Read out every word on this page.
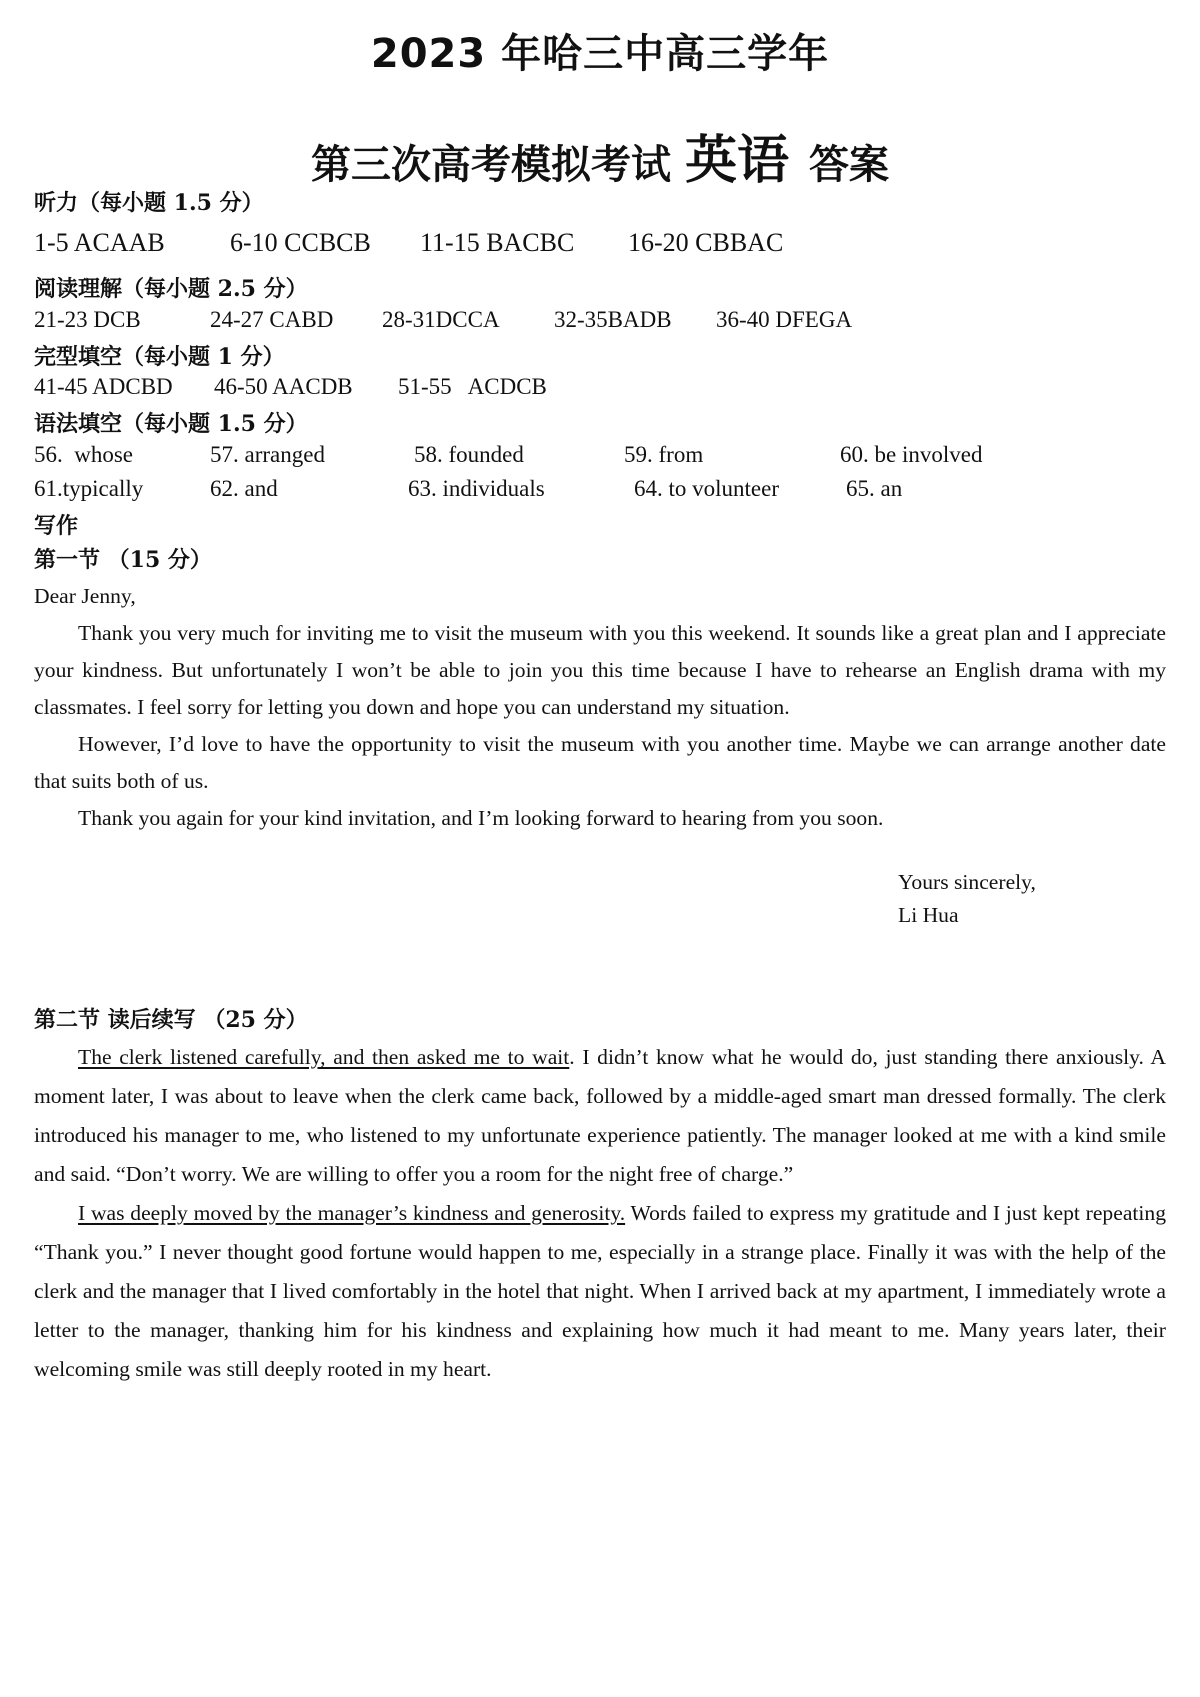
2023 年哈三中高三学年
第三次高考模拟考试 英语 答案
听力（每小题 1.5 分）
1-5 ACAAB	6-10 CCBCB 11-15 BACBC 16-20 CBBAC
阅读理解（每小题 2.5 分）
21-23 DCB	24-27 CABD 28-31DCCA 32-35BADB 36-40 DFEGA
完型填空（每小题 1 分）
41-45 ADCBD 46-50 AACDB 51-55   ACDCB
语法填空（每小题 1.5 分）
56.  whose	57. arranged	58. founded	59. from	60. be involved
61.typically	62. and	63. individuals	64. to volunteer	65. an
写作
第一节 （15 分）

Dear Jenny,

Thank you very much for inviting me to visit the museum with you this weekend. It sounds like a great plan and I appreciate your kindness. But unfortunately I won’t be able to join you this time because I have to rehearse an English drama with my classmates. I feel sorry for letting you down and hope you can understand my situation.

However, I’d love to have the opportunity to visit the museum with you another time. Maybe we can arrange another date that suits both of us.

Thank you again for your kind invitation, and I’m looking forward to hearing from you soon.

Yours sincerely,
Li Hua
第二节 读后续写 （25 分）

The clerk listened carefully, and then asked me to wait. I didn’t know what he would do, just standing there anxiously. A moment later, I was about to leave when the clerk came back, followed by a middle-aged smart man dressed formally. The clerk introduced his manager to me, who listened to my unfortunate experience patiently. The manager looked at me with a kind smile and said. “Don’t worry. We are willing to offer you a room for the night free of charge.”

I was deeply moved by the manager’s kindness and generosity. Words failed to express my gratitude and I just kept repeating “Thank you.” I never thought good fortune would happen to me, especially in a strange place. Finally it was with the help of the clerk and the manager that I lived comfortably in the hotel that night. When I arrived back at my apartment, I immediately wrote a letter to the manager, thanking him for his kindness and explaining how much it had meant to me. Many years later, their welcoming smile was still deeply rooted in my heart.
